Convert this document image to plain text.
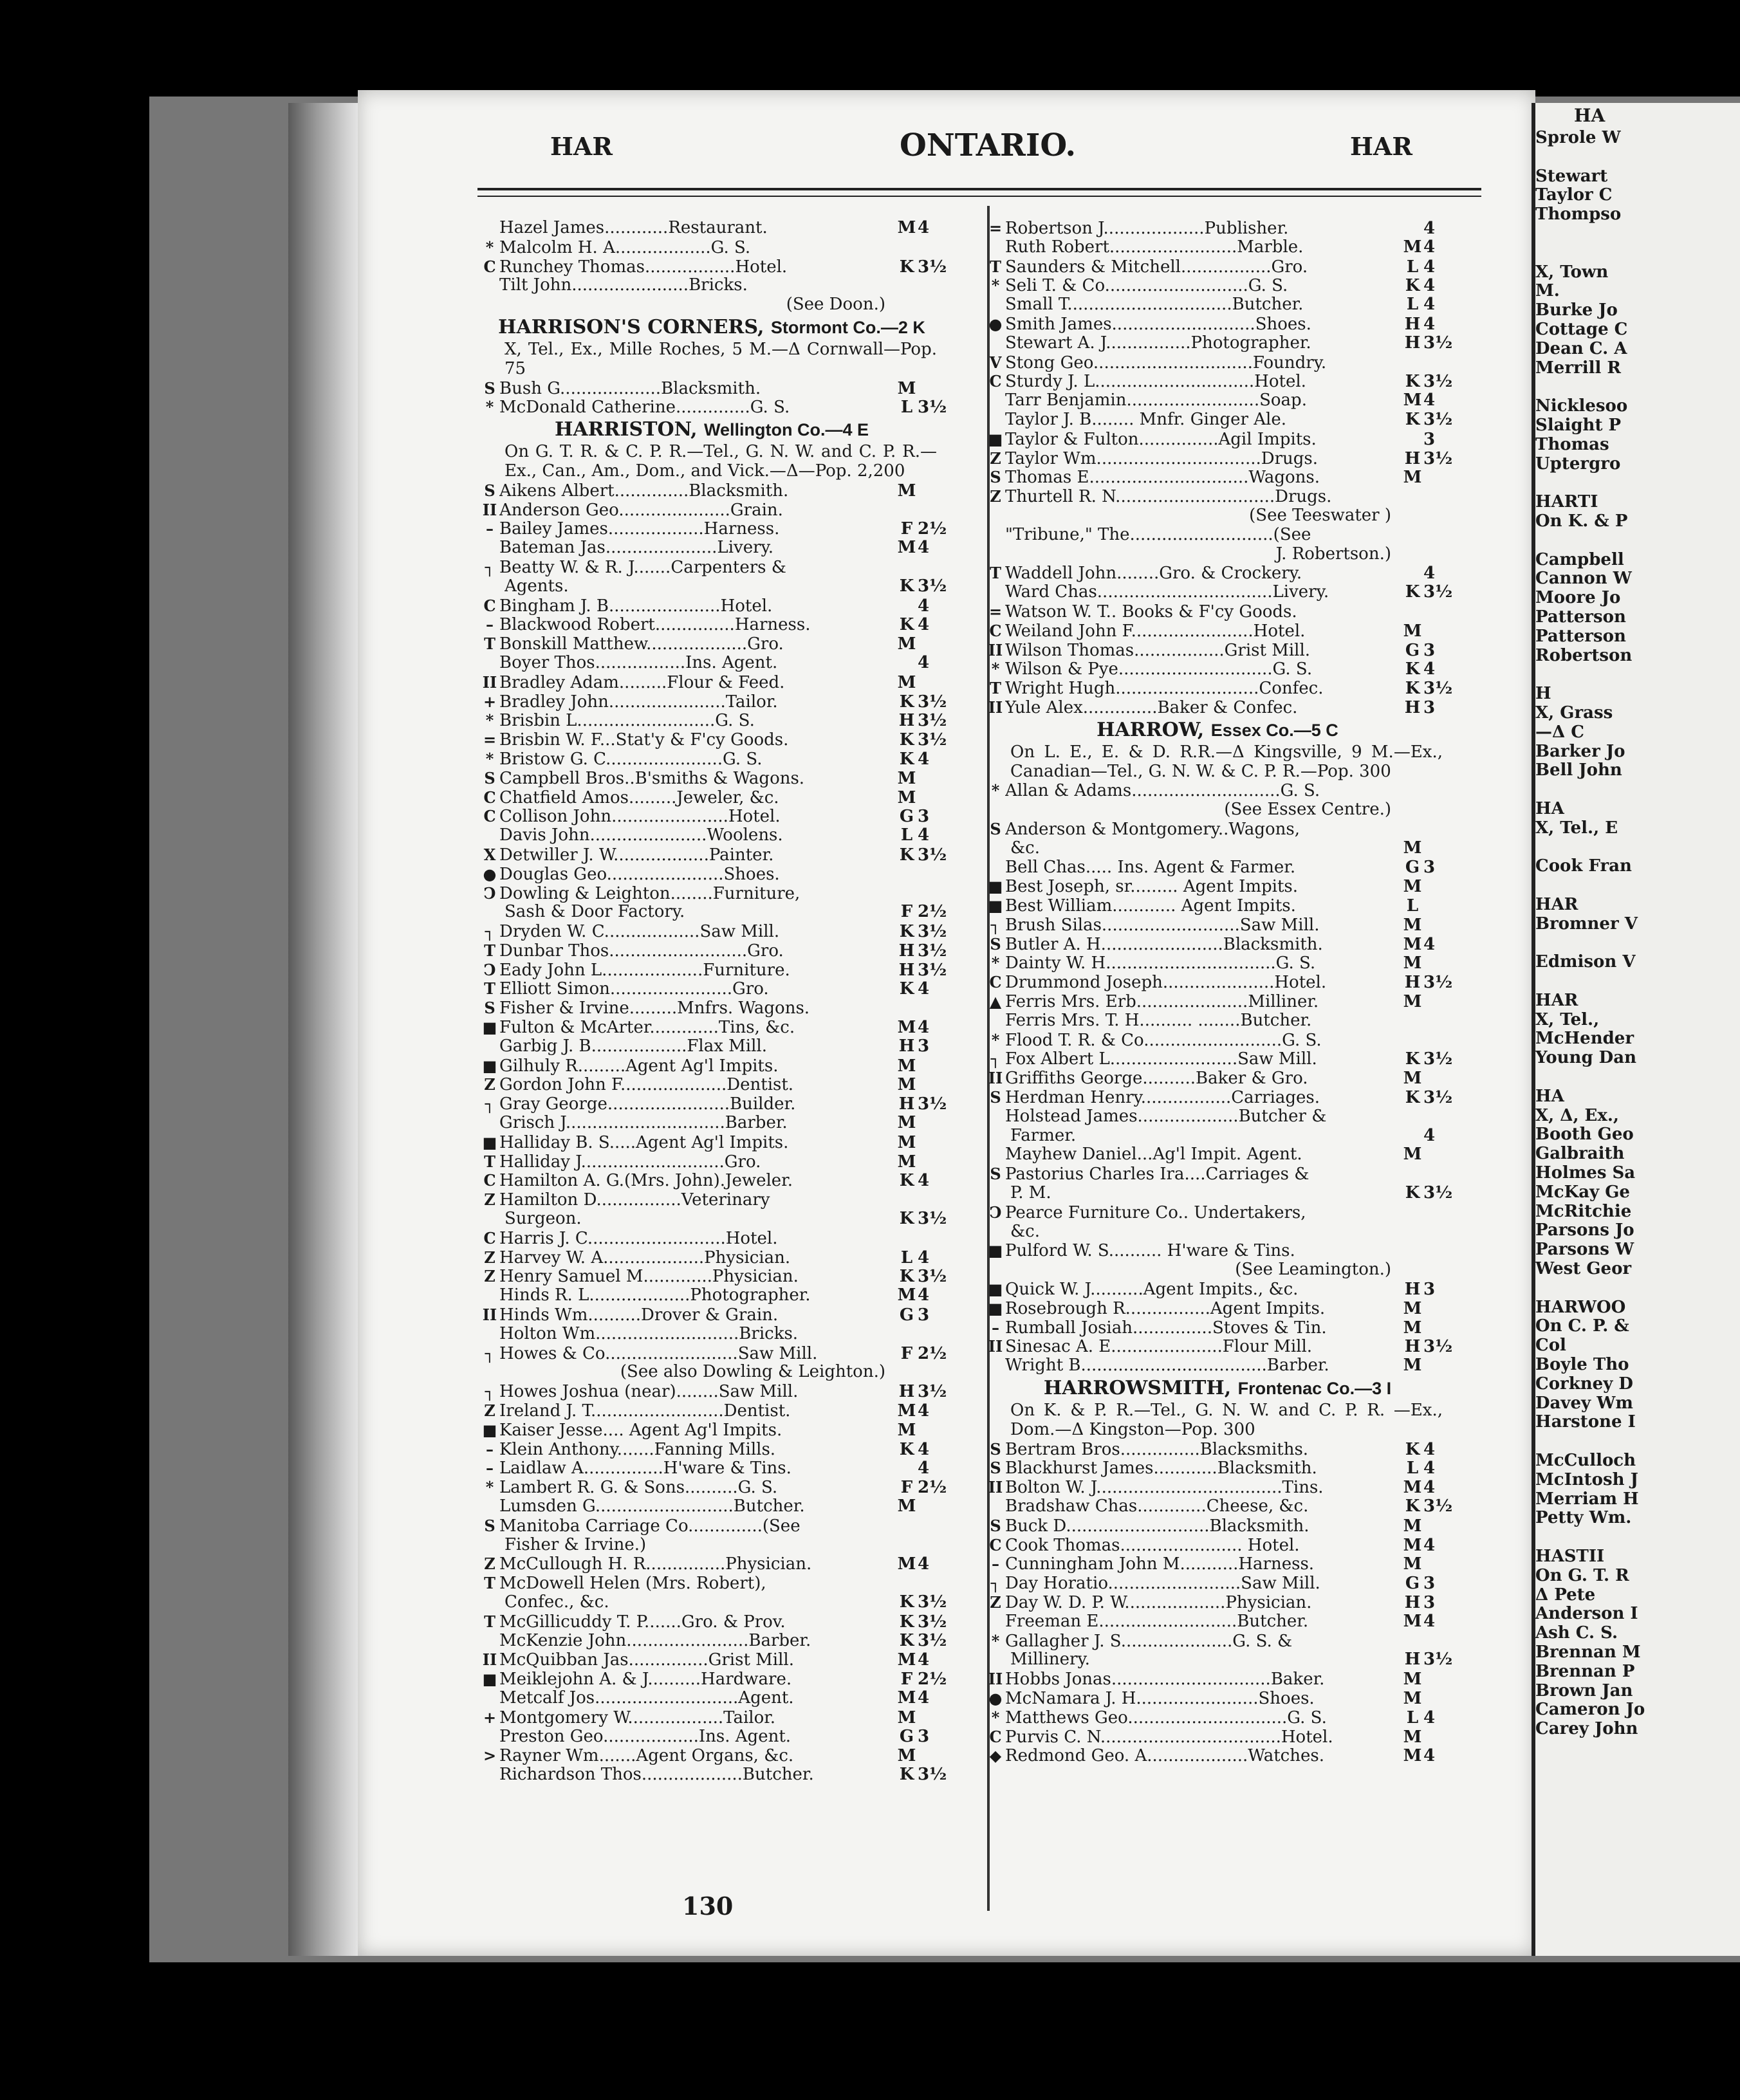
HA
Sprole W
Stewart
Taylor C
Thompso
X, Town
M.
Burke Jo
Cottage C
Dean C. A
Merrill R
Nicklesoo
Slaight P
Thomas
Uptergro
HARTI
On K. & P
Campbell
Cannon W
Moore Jo
Patterson
Patterson
Robertson
H
X, Grass
—Δ C
Barker Jo
Bell John
HA
X, Tel., E
Cook Fran
HAR
Bromner V
Edmison V
HAR
X, Tel.,
McHender
Young Dan
HA
X, Δ, Ex.,
Booth Geo
Galbraith
Holmes Sa
McKay Ge
McRitchie
Parsons Jo
Parsons W
West Geor
HARWOO
On C. P. &
Col
Boyle Tho
Corkney D
Davey Wm
Harstone I
McCulloch
McIntosh J
Merriam H
Petty Wm.
HASTII
On G. T. R
Δ Pete
Anderson I
Ash C. S.
Brennan M
Brennan P
Brown Jan
Cameron Jo
Carey John
HAR	ONTARIO.	HAR
Hazel James............Restaurant.	M 4
* Malcolm H. A..................G. S.
C Runchey Thomas.................Hotel.	K 3½
Tilt John......................Bricks.
(See Doon.)
HARRISON'S CORNERS, Stormont Co.—2 K
X, Tel., Ex., Mille Roches, 5 M.—Δ Cornwall—Pop. 75
S Bush G...................Blacksmith.	M
* McDonald Catherine..............G. S.	L 3½
HARRISTON, Wellington Co.—4 E
On G. T. R. & C. P. R.—Tel., G. N. W. and C. P. R.—Ex., Can., Am., Dom., and Vick.—Δ—Pop. 2,200
S Aikens Albert..............Blacksmith.	M
II Anderson Geo.....................Grain.
– Bailey James..................Harness.	F 2½
Bateman Jas.....................Livery.	M 4
┐ Beatty W. & R. J.......Carpenters &
Agents.	K 3½
C Bingham J. B.....................Hotel.	4
– Blackwood Robert...............Harness.	K 4
T Bonskill Matthew...................Gro.	M
Boyer Thos.................Ins. Agent.	4
II Bradley Adam.........Flour & Feed.	M
+ Bradley John......................Tailor.	K 3½
* Brisbin L..........................G. S.	H 3½
= Brisbin W. F...Stat'y & F'cy Goods.	K 3½
* Bristow G. C......................G. S.	K 4
S Campbell Bros..B'smiths & Wagons.	M
C Chatfield Amos.........Jeweler, &c.	M
C Collison John......................Hotel.	G 3
Davis John......................Woolens.	L 4
X Detwiller J. W..................Painter.	K 3½
● Douglas Geo......................Shoes.
Ↄ Dowling & Leighton........Furniture,
Sash & Door Factory.	F 2½
┐ Dryden W. C..................Saw Mill.	K 3½
T Dunbar Thos..........................Gro.	H 3½
Ↄ Eady John L...................Furniture.	H 3½
T Elliott Simon.......................Gro.	K 4
S Fisher & Irvine.........Mnfrs. Wagons.
■ Fulton & McArter.............Tins, &c.	M 4
Garbig J. B..................Flax Mill.	H 3
■ Gilhuly R.........Agent Ag'l Impits.	M
Z Gordon John F....................Dentist.	M
┐ Gray George.......................Builder.	H 3½
Grisch J..............................Barber.	M
■ Halliday B. S.....Agent Ag'l Impits.	M
T Halliday J...........................Gro.	M
C Hamilton A. G.(Mrs. John).Jeweler.	K 4
Z Hamilton D................Veterinary
Surgeon.	K 3½
C Harris J. C..........................Hotel.
Z Harvey W. A...................Physician.	L 4
Z Henry Samuel M.............Physician.	K 3½
Hinds R. L...................Photographer.	M 4
II Hinds Wm..........Drover & Grain.	G 3
Holton Wm...........................Bricks.
┐ Howes & Co.........................Saw Mill.	F 2½
(See also Dowling & Leighton.)
┐ Howes Joshua (near)........Saw Mill.	H 3½
Z Ireland J. T.........................Dentist.	M 4
■ Kaiser Jesse.... Agent Ag'l Impits.	M
– Klein Anthony.......Fanning Mills.	K 4
– Laidlaw A...............H'ware & Tins.	4
* Lambert R. G. & Sons..........G. S.	F 2½
Lumsden G..........................Butcher.	M
S Manitoba Carriage Co..............(See
Fisher & Irvine.)
Z McCullough H. R...............Physician.	M 4
T McDowell Helen (Mrs. Robert),
Confec., &c.	K 3½
T McGillicuddy T. P.......Gro. & Prov.	K 3½
McKenzie John.......................Barber.	K 3½
II McQuibban Jas...............Grist Mill.	M 4
■ Meiklejohn A. & J..........Hardware.	F 2½
Metcalf Jos...........................Agent.	M 4
+ Montgomery W..................Tailor.	M
Preston Geo..................Ins. Agent.	G 3
> Rayner Wm.......Agent Organs, &c.	M
Richardson Thos...................Butcher.	K 3½
= Robertson J...................Publisher.	4
Ruth Robert........................Marble.	M 4
T Saunders & Mitchell.................Gro.	L 4
* Seli T. & Co...........................G. S.	K 4
Small T...............................Butcher.	L 4
● Smith James...........................Shoes.	H 4
Stewart A. J................Photographer.	H 3½
V Stong Geo..............................Foundry.
C Sturdy J. L..............................Hotel.	K 3½
Tarr Benjamin.........................Soap.	M 4
Taylor J. B........ Mnfr. Ginger Ale.	K 3½
■ Taylor & Fulton...............Agil Impits.	3
Z Taylor Wm...............................Drugs.	H 3½
S Thomas E..............................Wagons.	M
Z Thurtell R. N..............................Drugs.
(See Teeswater )
"Tribune," The...........................(See
J. Robertson.)
T Waddell John........Gro. & Crockery.	4
Ward Chas.................................Livery.	K 3½
= Watson W. T.. Books & F'cy Goods.
C Weiland John F.......................Hotel.	M
II Wilson Thomas.................Grist Mill.	G 3
* Wilson & Pye.............................G. S.	K 4
T Wright Hugh...........................Confec.	K 3½
II Yule Alex..............Baker & Confec.	H 3
HARROW, Essex Co.—5 C
On L. E., E. & D. R.R.—Δ Kingsville, 9 M.—Ex., Canadian—Tel., G. N. W. & C. P. R.—Pop. 300
* Allan & Adams............................G. S.
(See Essex Centre.)
S Anderson & Montgomery..Wagons,
&c.	M
Bell Chas..... Ins. Agent & Farmer.	G 3
■ Best Joseph, sr......... Agent Impits.	M
■ Best William............ Agent Impits.	L
┐ Brush Silas..........................Saw Mill.	M
S Butler A. H.......................Blacksmith.	M 4
* Dainty W. H................................G. S.	M
C Drummond Joseph.....................Hotel.	H 3½
▲ Ferris Mrs. Erb.....................Milliner.	M
Ferris Mrs. T. H.......... ........Butcher.
* Flood T. R. & Co..........................G. S.
┐ Fox Albert L........................Saw Mill.	K 3½
II Griffiths George..........Baker & Gro.	M
S Herdman Henry.................Carriages.	K 3½
Holstead James...................Butcher &
Farmer.	4
Mayhew Daniel...Ag'l Impit. Agent.	M
S Pastorius Charles Ira....Carriages &
P. M.	K 3½
Ↄ Pearce Furniture Co.. Undertakers,
&c.
■ Pulford W. S.......... H'ware & Tins.
(See Leamington.)
■ Quick W. J..........Agent Impits., &c.	H 3
■ Rosebrough R................Agent Impits.	M
– Rumball Josiah...............Stoves & Tin.	M
II Sinesac A. E.....................Flour Mill.	H 3½
Wright B...................................Barber.	M
HARROWSMITH, Frontenac Co.—3 I
On K. & P. R.—Tel., G. N. W. and C. P. R. —Ex., Dom.—Δ Kingston—Pop. 300
S Bertram Bros...............Blacksmiths.	K 4
S Blackhurst James............Blacksmith.	L 4
II Bolton W. J...................................Tins.	M 4
Bradshaw Chas.............Cheese, &c.	K 3½
S Buck D...........................Blacksmith.	M
C Cook Thomas....................... Hotel.	M 4
– Cunningham John M...........Harness.	M
┐ Day Horatio.........................Saw Mill.	G 3
Z Day W. D. P. W...................Physician.	H 3
Freeman E..........................Butcher.	M 4
* Gallagher J. S.....................G. S. &
Millinery.	H 3½
II Hobbs Jonas..............................Baker.	M
● McNamara J. H.......................Shoes.	M
* Matthews Geo..............................G. S.	L 4
C Purvis C. N..................................Hotel.	M
◆ Redmond Geo. A...................Watches.	M 4
130
